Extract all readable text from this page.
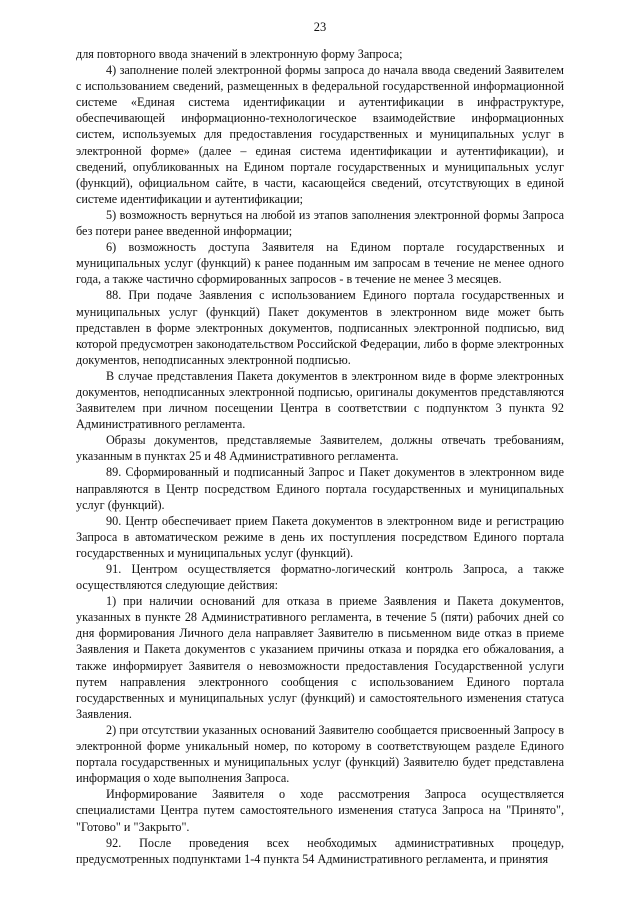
23

для повторного ввода значений в электронную форму Запроса;

4) заполнение полей электронной формы запроса до начала ввода сведений Заявителем с использованием сведений, размещенных в федеральной государственной информационной системе «Единая система идентификации и аутентификации в инфраструктуре, обеспечивающей информационно-технологическое взаимодействие информационных систем, используемых для предоставления государственных и муниципальных услуг в электронной форме» (далее – единая система идентификации и аутентификации), и сведений, опубликованных на Едином портале государственных и муниципальных услуг (функций), официальном сайте, в части, касающейся сведений, отсутствующих в единой системе идентификации и аутентификации;

5) возможность вернуться на любой из этапов заполнения электронной формы Запроса без потери ранее введенной информации;

6) возможность доступа Заявителя на Едином портале государственных и муниципальных услуг (функций) к ранее поданным им запросам в течение не менее одного года, а также частично сформированных запросов - в течение не менее 3 месяцев.

88. При подаче Заявления с использованием Единого портала государственных и муниципальных услуг (функций) Пакет документов в электронном виде может быть представлен в форме электронных документов, подписанных электронной подписью, вид которой предусмотрен законодательством Российской Федерации, либо в форме электронных документов, неподписанных электронной подписью.

В случае представления Пакета документов в электронном виде в форме электронных документов, неподписанных электронной подписью, оригиналы документов представляются Заявителем при личном посещении Центра в соответствии с подпунктом 3 пункта 92 Административного регламента.

Образы документов, представляемые Заявителем, должны отвечать требованиям, указанным в пунктах 25 и 48 Административного регламента.

89. Сформированный и подписанный Запрос и Пакет документов в электронном виде направляются в Центр посредством Единого портала государственных и муниципальных услуг (функций).

90. Центр обеспечивает прием Пакета документов в электронном виде и регистрацию Запроса в автоматическом режиме в день их поступления посредством Единого портала государственных и муниципальных услуг (функций).

91. Центром осуществляется форматно-логический контроль Запроса, а также осуществляются следующие действия:

1) при наличии оснований для отказа в приеме Заявления и Пакета документов, указанных в пункте 28 Административного регламента, в течение 5 (пяти) рабочих дней со дня формирования Личного дела направляет Заявителю в письменном виде отказ в приеме Заявления и Пакета документов с указанием причины отказа и порядка его обжалования, а также информирует Заявителя о невозможности предоставления Государственной услуги путем направления электронного сообщения с использованием Единого портала государственных и муниципальных услуг (функций) и самостоятельного изменения статуса Заявления.

2) при отсутствии указанных оснований Заявителю сообщается присвоенный Запросу в электронной форме уникальный номер, по которому в соответствующем разделе Единого портала государственных и муниципальных услуг (функций) Заявителю будет представлена информация о ходе выполнения Запроса.

Информирование Заявителя о ходе рассмотрения Запроса осуществляется специалистами Центра путем самостоятельного изменения статуса Запроса на "Принято", "Готово" и "Закрыто".

92. После проведения всех необходимых административных процедур, предусмотренных подпунктами 1-4 пункта 54 Административного регламента, и принятия
